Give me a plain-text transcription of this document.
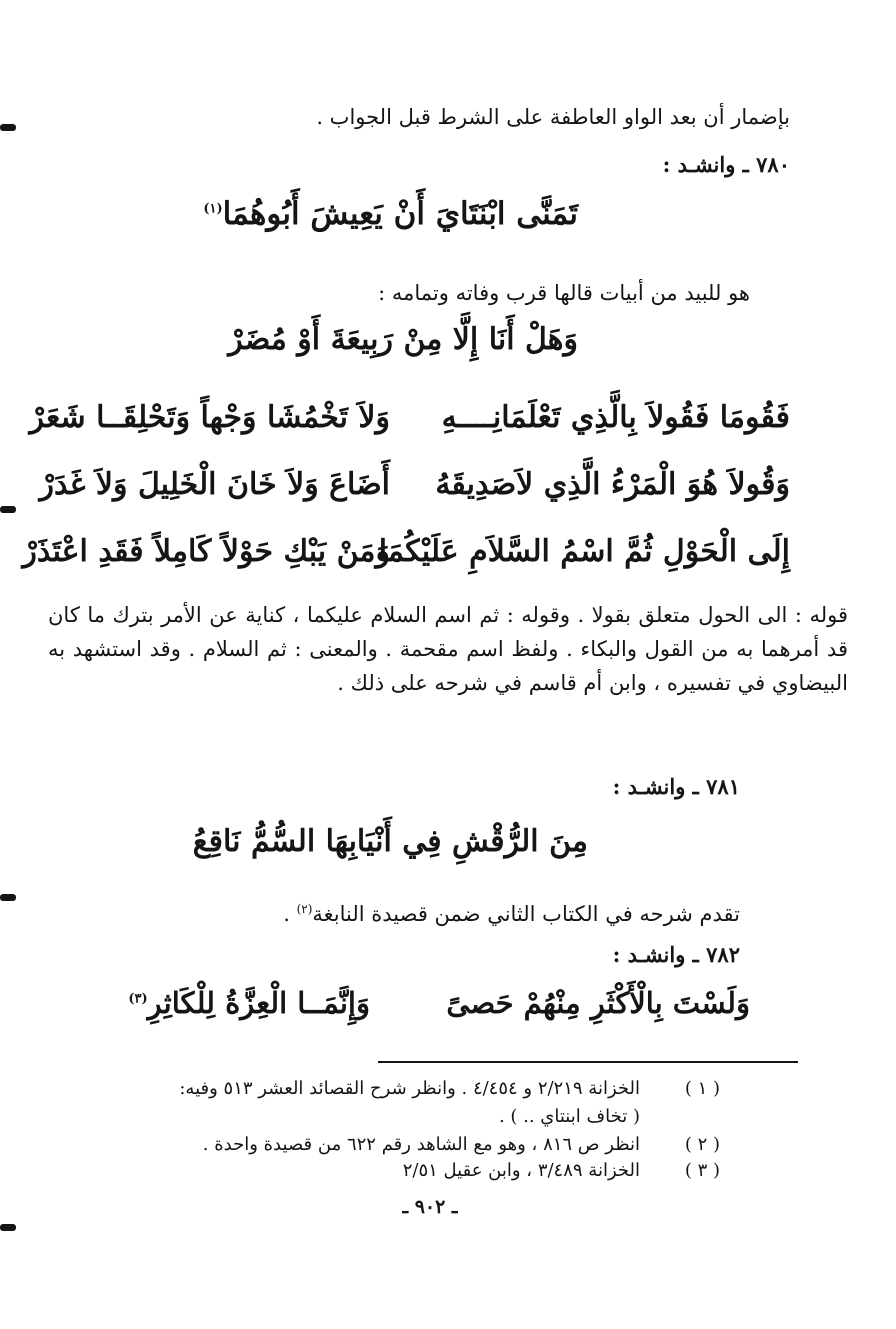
بإضمار أن بعد الواو العاطفة على الشرط قبل الجواب .
٧٨٠ ـ وانشـد :
تَمَنَّى ابْنَتَايَ أَنْ يَعِيشَ أَبُوهُمَا$^{(١)}$
هو للبيد من أبيات قالها قرب وفاته وتمامه :
وَهَلْ أَنَا إِلَّا مِنْ رَبِيعَةَ أَوْ مُضَرْ
فَقُومَا فَقُولاَ بِالَّذِي تَعْلَمَانِــــهِ
وَلاَ تَخْمُشَا وَجْهاً وَتَحْلِقَــا شَعَرْ
وَقُولاَ هُوَ الْمَرْءُ الَّذِي لاَصَدِيقَهُ
أَضَاعَ وَلاَ خَانَ الْخَلِيلَ وَلاَ غَدَرْ
إِلَى الْحَوْلِ ثُمَّ اسْمُ السَّلاَمِ عَلَيْكُمَا
وَمَنْ يَبْكِ حَوْلاً كَامِلاً فَقَدِ اعْتَذَرْ
قوله : الى الحول متعلق بقولا . وقوله : ثم اسم السلام عليكما ، كناية عن الأمر بترك ما كان قد أمرهما به من القول والبكاء . ولفظ اسم مقحمة . والمعنى : ثم السلام . وقد استشهد به البيضاوي في تفسيره ، وابن أم قاسم في شرحه على ذلك .
٧٨١ ـ وانشـد :
مِنَ الرُّقْشِ فِي أَنْيَابِهَا السُّمُّ نَاقِعُ
تقدم شرحه في الكتاب الثاني ضمن قصيدة النابغة$^{(٢)}$ .
٧٨٢ ـ وانشـد :
وَلَسْتَ بِالْأَكْثَرِ مِنْهُمْ حَصىً
وَإِنَّمَــا الْعِزَّةُ لِلْكَاثِرِ$^{(٣)}$
( ١ )
الخزانة ٢/٢١٩ و ٤/٤٥٤ . وانظر شرح القصائد العشر ٥١٣ وفيه:
( تخاف ابنتاي .. ) .
( ٢ )
انظر ص ٨١٦ ، وهو مع الشاهد رقم ٦٢٢ من قصيدة واحدة .
( ٣ )
الخزانة ٣/٤٨٩ ، وابن عقيل ٢/٥١
ـ ٩٠٢ ـ
